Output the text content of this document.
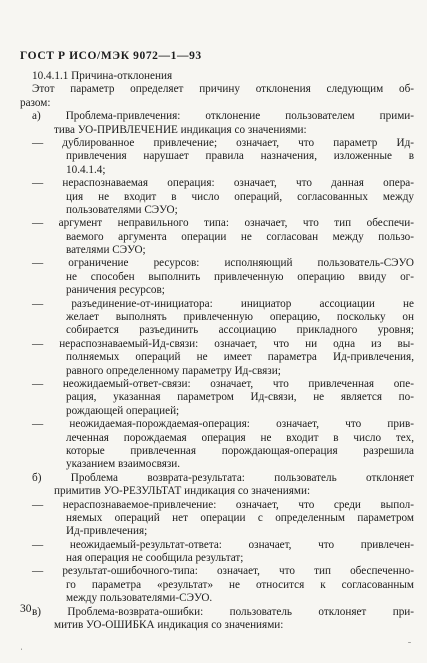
ГОСТ Р ИСО/МЭК 9072—1—93
10.4.1.1 Причина-отклонения
Этот параметр определяет причину отклонения следующим об-
разом:
а) Проблема-привлечения: отклонение пользователем прими-
тива УО-ПРИВЛЕЧЕНИЕ индикация со значениями:
— дублированное привлечение; означает, что параметр Ид-
привлечения нарушает правила назначения, изложенные в
10.4.1.4;
— нераспознаваемая операция: означает, что данная опера-
ция не входит в число операций, согласованных между
пользователями СЭУО;
— аргумент неправильного типа: означает, что тип обеспечи-
ваемого аргумента операции не согласован между пользо-
вателями СЭУО;
— ограничение ресурсов: исполняющий пользователь-СЭУО
не способен выполнить привлеченную операцию ввиду ог-
раничения ресурсов;
— разъединение-от-инициатора: инициатор ассоциации не
желает выполнять привлеченную операцию, поскольку он
собирается разъединить ассоциацию прикладного уровня;
— нераспознаваемый-Ид-связи: означает, что ни одна из вы-
полняемых операций не имеет параметра Ид-привлечения,
равного определенному параметру Ид-связи;
— неожидаемый-ответ-связи: означает, что привлеченная опе-
рация, указанная параметром Ид-связи, не является по-
рождающей операцией;
— неожидаемая-порождаемая-операция: означает, что прив-
леченная порождаемая операция не входит в число тех,
которые привлеченная порождающая-операция разрешила
указанием взаимосвязи.
б) Проблема возврата-результата: пользователь отклоняет
примитив УО-РЕЗУЛЬТАТ индикация со значениями:
— нераспознаваемое-привлечение: означает, что среди выпол-
няемых операций нет операции с определенным параметром
Ид-привлечения;
— неожидаемый-результат-ответа: означает, что привлечен-
ная операция не сообщила результат;
— результат-ошибочного-типа: означает, что тип обеспеченно-
го параметра «результат» не относится к согласованным
между пользователями-СЭУО.
в) Проблема-возврата-ошибки: пользователь отклоняет при-
митив УО-ОШИБКА индикация со значениями:
30
ˌ	ˉ
